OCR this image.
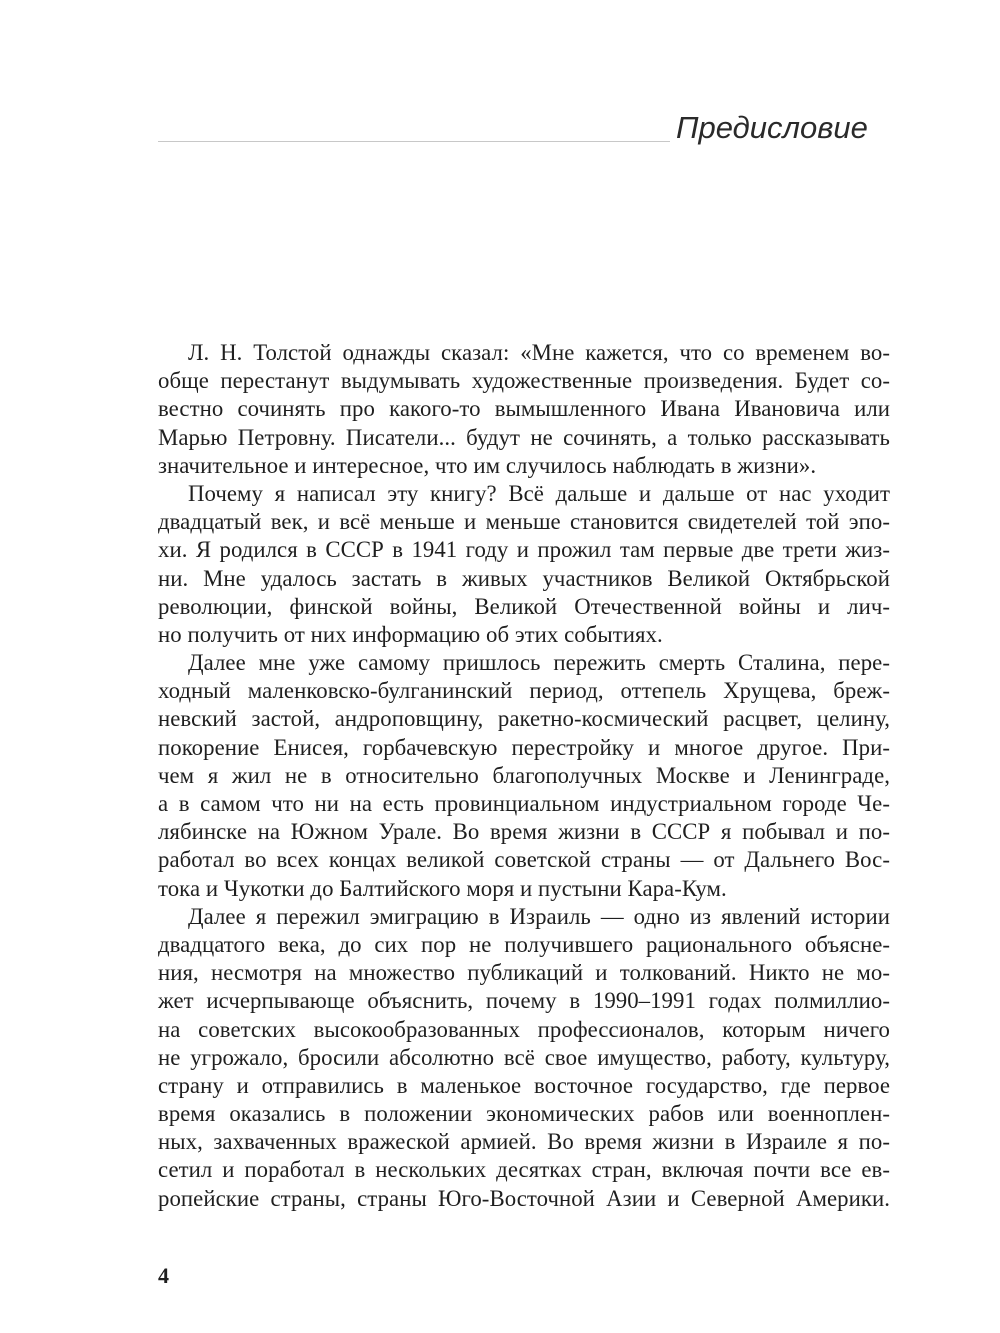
Предисловие
Л. Н. Толстой однажды сказал: «Мне кажется, что со временем во-
обще перестанут выдумывать художественные произведения. Будет со-
вестно сочинять про какого-то вымышленного Ивана Ивановича или
Марью Петровну. Писатели... будут не сочинять, а только рассказывать
значительное и интересное, что им случилось наблюдать в жизни».
Почему я написал эту книгу? Всё дальше и дальше от нас уходит
двадцатый век, и всё меньше и меньше становится свидетелей той эпо-
хи. Я родился в СССР в 1941 году и прожил там первые две трети жиз-
ни. Мне удалось застать в живых участников Великой Октябрьской
революции, финской войны, Великой Отечественной войны и лич-
но получить от них информацию об этих событиях.
Далее мне уже самому пришлось пережить смерть Сталина, пере-
ходный маленковско-булганинский период, оттепель Хрущева, бреж-
невский застой, андроповщину, ракетно-космический расцвет, целину,
покорение Енисея, горбачевскую перестройку и многое другое. При-
чем я жил не в относительно благополучных Москве и Ленинграде,
а в самом что ни на есть провинциальном индустриальном городе Че-
лябинске на Южном Урале. Во время жизни в СССР я побывал и по-
работал во всех концах великой советской страны — от Дальнего Вос-
тока и Чукотки до Балтийского моря и пустыни Кара-Кум.
Далее я пережил эмиграцию в Израиль — одно из явлений истории
двадцатого века, до сих пор не получившего рационального объясне-
ния, несмотря на множество публикаций и толкований. Никто не мо-
жет исчерпывающе объяснить, почему в 1990–1991 годах полмиллио-
на советских высокообразованных профессионалов, которым ничего
не угрожало, бросили абсолютно всё свое имущество, работу, культуру,
страну и отправились в маленькое восточное государство, где первое
время оказались в положении экономических рабов или военноплен-
ных, захваченных вражеской армией. Во время жизни в Израиле я по-
сетил и поработал в нескольких десятках стран, включая почти все ев-
ропейские страны, страны Юго-Восточной Азии и Северной Америки.
4
